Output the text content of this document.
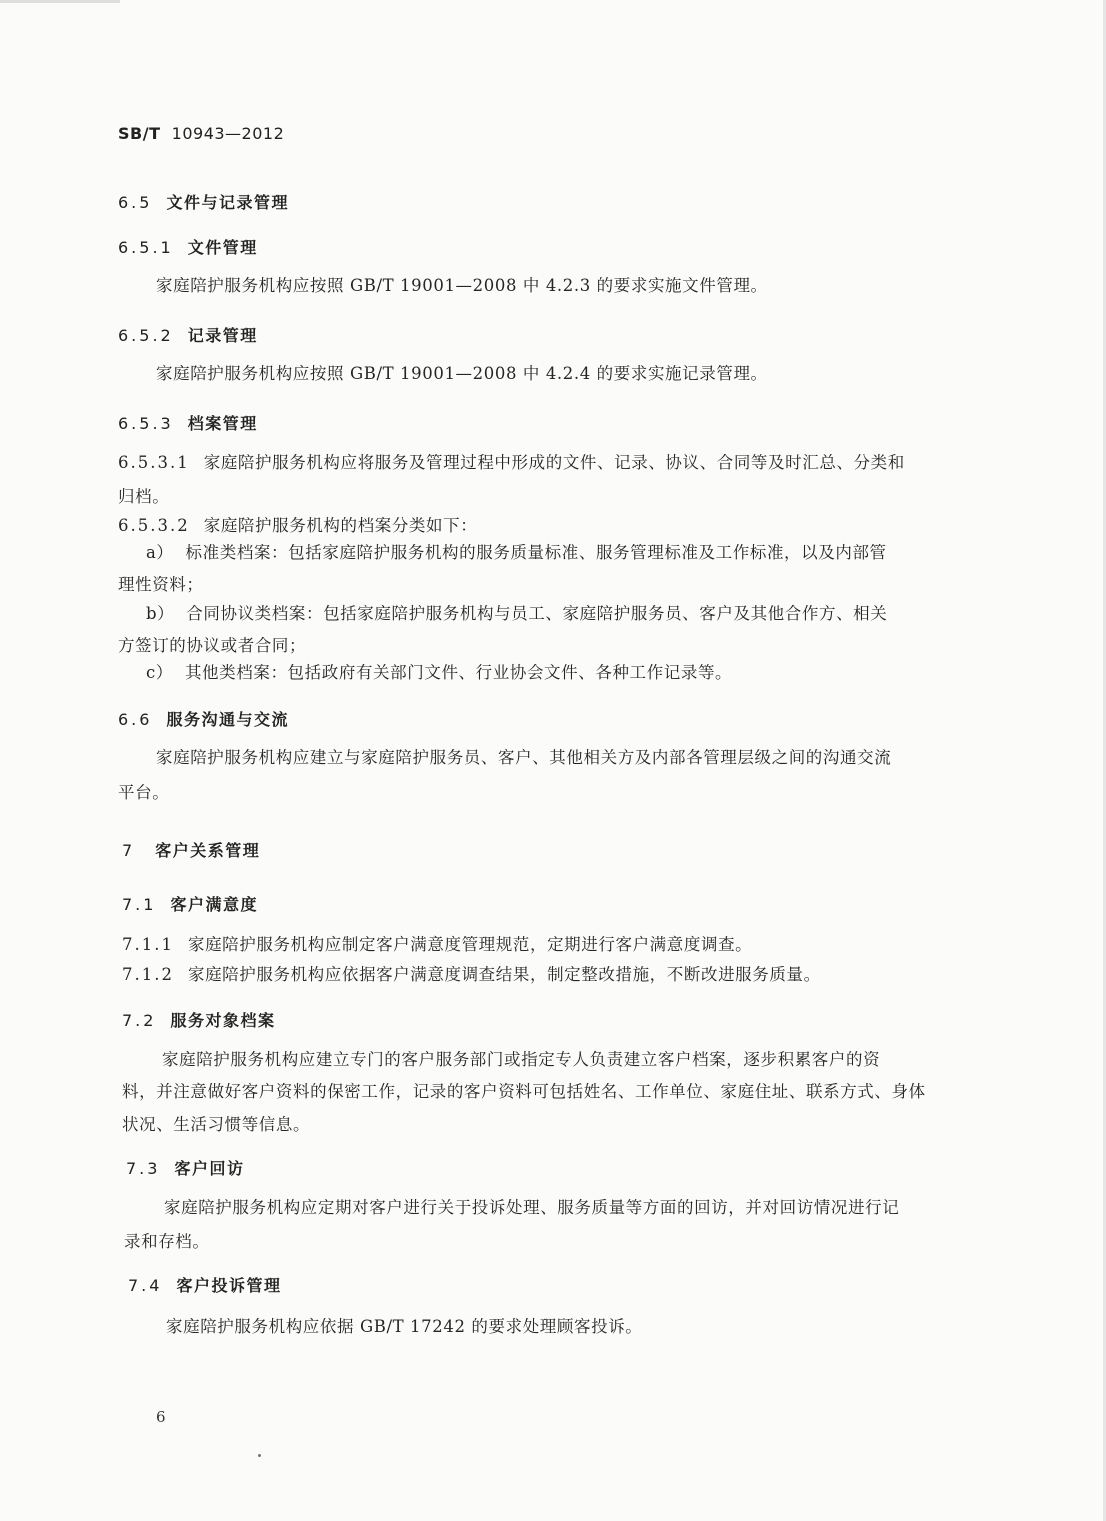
SB/T 10943—2012
6.5 文件与记录管理
6.5.1 文件管理
家庭陪护服务机构应按照 GB/T 19001—2008 中 4.2.3 的要求实施文件管理。
6.5.2 记录管理
家庭陪护服务机构应按照 GB/T 19001—2008 中 4.2.4 的要求实施记录管理。
6.5.3 档案管理
6.5.3.1 家庭陪护服务机构应将服务及管理过程中形成的文件、记录、协议、合同等及时汇总、分类和
归档。
6.5.3.2 家庭陪护服务机构的档案分类如下：
a） 标准类档案：包括家庭陪护服务机构的服务质量标准、服务管理标准及工作标准，以及内部管
理性资料；
b） 合同协议类档案：包括家庭陪护服务机构与员工、家庭陪护服务员、客户及其他合作方、相关
方签订的协议或者合同；
c） 其他类档案：包括政府有关部门文件、行业协会文件、各种工作记录等。
6.6 服务沟通与交流
家庭陪护服务机构应建立与家庭陪护服务员、客户、其他相关方及内部各管理层级之间的沟通交流
平台。
7 客户关系管理
7.1 客户满意度
7.1.1 家庭陪护服务机构应制定客户满意度管理规范，定期进行客户满意度调查。
7.1.2 家庭陪护服务机构应依据客户满意度调查结果，制定整改措施，不断改进服务质量。
7.2 服务对象档案
家庭陪护服务机构应建立专门的客户服务部门或指定专人负责建立客户档案，逐步积累客户的资
料，并注意做好客户资料的保密工作，记录的客户资料可包括姓名、工作单位、家庭住址、联系方式、身体
状况、生活习惯等信息。
7.3 客户回访
家庭陪护服务机构应定期对客户进行关于投诉处理、服务质量等方面的回访，并对回访情况进行记
录和存档。
7.4 客户投诉管理
家庭陪护服务机构应依据 GB/T 17242 的要求处理顾客投诉。
6
